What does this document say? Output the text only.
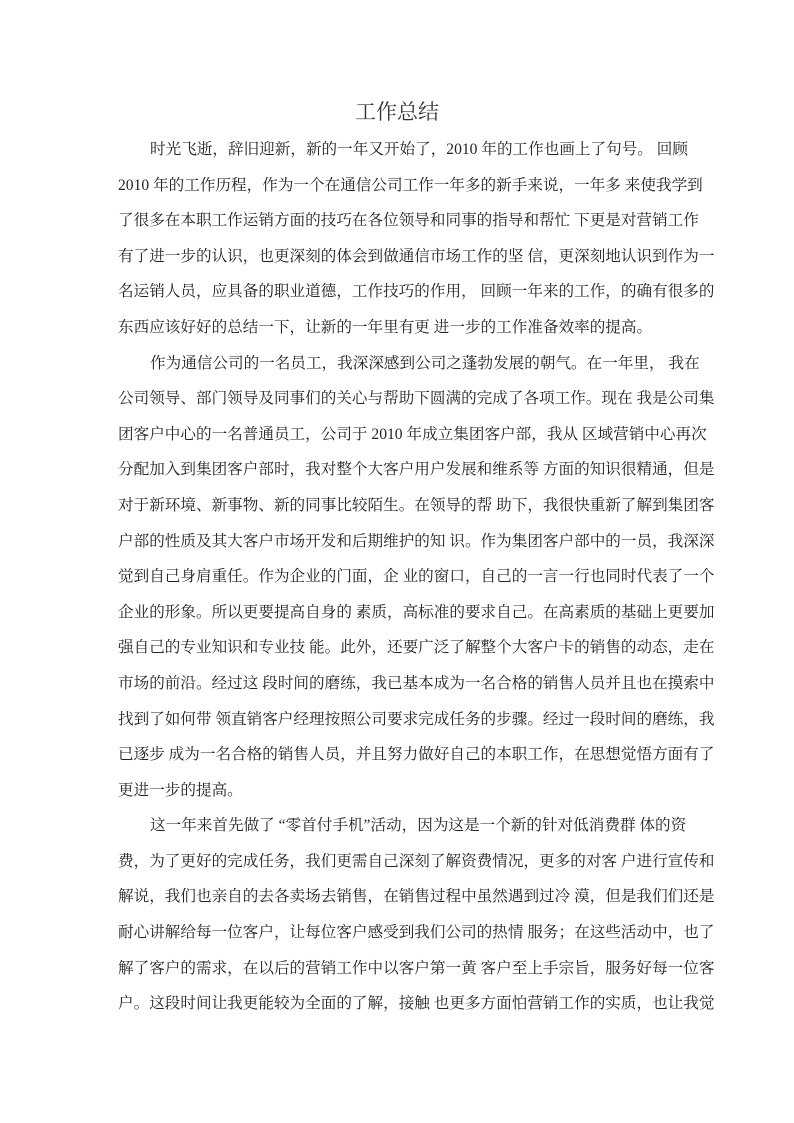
工作总结
时光飞逝，辞旧迎新，新的一年又开始了，2010 年的工作也画上了句号。 回顾
2010 年的工作历程，作为一个在通信公司工作一年多的新手来说，一年多 来使我学到
了很多在本职工作运销方面的技巧在各位领导和同事的指导和帮忙 下更是对营销工作
有了进一步的认识，也更深刻的体会到做通信市场工作的坚 信，更深刻地认识到作为一
名运销人员，应具备的职业道德，工作技巧的作用， 回顾一年来的工作，的确有很多的
东西应该好好的总结一下，让新的一年里有更 进一步的工作准备效率的提高。
作为通信公司的一名员工，我深深感到公司之蓬勃发展的朝气。在一年里， 我在
公司领导、部门领导及同事们的关心与帮助下圆满的完成了各项工作。现在 我是公司集
团客户中心的一名普通员工，公司于 2010 年成立集团客户部，我从 区域营销中心再次
分配加入到集团客户部时，我对整个大客户用户发展和维系等 方面的知识很精通，但是
对于新环境、新事物、新的同事比较陌生。在领导的帮 助下，我很快重新了解到集团客
户部的性质及其大客户市场开发和后期维护的知 识。作为集团客户部中的一员，我深深
觉到自己身肩重任。作为企业的门面，企 业的窗口，自己的一言一行也同时代表了一个
企业的形象。所以更要提高自身的 素质，高标准的要求自己。在高素质的基础上更要加
强自己的专业知识和专业技 能。此外，还要广泛了解整个大客户卡的销售的动态，走在
市场的前沿。经过这 段时间的磨练，我已基本成为一名合格的销售人员并且也在摸索中
找到了如何带 领直销客户经理按照公司要求完成任务的步骤。经过一段时间的磨练，我
已逐步 成为一名合格的销售人员，并且努力做好自己的本职工作，在思想觉悟方面有了
更进一步的提高。
这一年来首先做了 “零首付手机”活动，因为这是一个新的针对低消费群 体的资
费，为了更好的完成任务，我们更需自己深刻了解资费情况，更多的对客 户进行宣传和
解说，我们也亲自的去各卖场去销售，在销售过程中虽然遇到过冷 漠，但是我们们还是
耐心讲解给每一位客户，让每位客户感受到我们公司的热情 服务；在这些活动中，也了
解了客户的需求，在以后的营销工作中以客户第一黄 客户至上手宗旨，服务好每一位客
户。这段时间让我更能较为全面的了解，接触 也更多方面怕营销工作的实质，也让我觉
